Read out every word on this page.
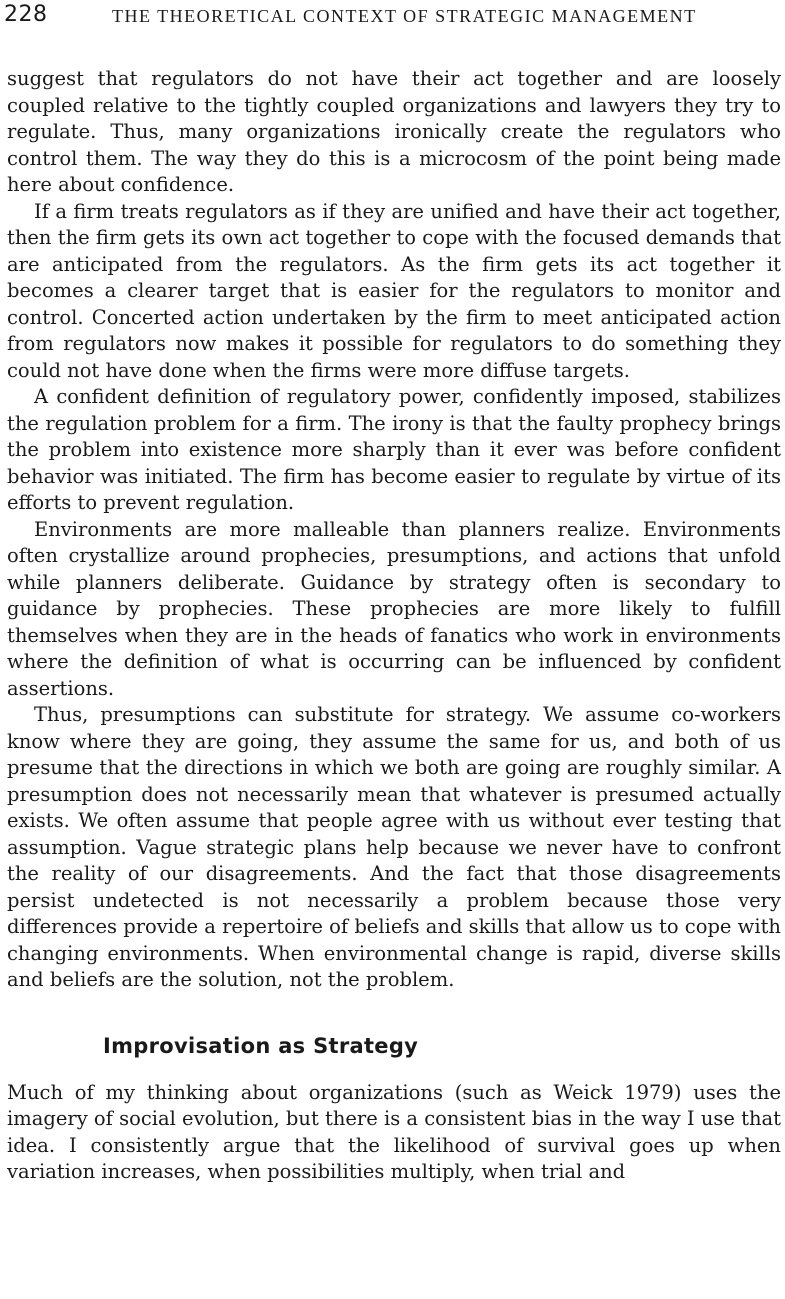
228	THE THEORETICAL CONTEXT OF STRATEGIC MANAGEMENT

suggest that regulators do not have their act together and are loosely coupled relative to the tightly coupled organizations and lawyers they try to regulate. Thus, many organizations ironically create the regulators who control them. The way they do this is a microcosm of the point being made here about confidence.

If a firm treats regulators as if they are unified and have their act together, then the firm gets its own act together to cope with the focused demands that are anticipated from the regulators. As the firm gets its act together it becomes a clearer target that is easier for the regulators to monitor and control. Concerted action undertaken by the firm to meet anticipated action from regulators now makes it possible for regulators to do something they could not have done when the firms were more diffuse targets.

A confident definition of regulatory power, confidently imposed, stabilizes the regulation problem for a firm. The irony is that the faulty prophecy brings the problem into existence more sharply than it ever was before confident behavior was initiated. The firm has become easier to regulate by virtue of its efforts to prevent regulation.

Environments are more malleable than planners realize. Environments often crystallize around prophecies, presumptions, and actions that unfold while planners deliberate. Guidance by strategy often is secondary to guidance by prophecies. These prophecies are more likely to fulfill themselves when they are in the heads of fanatics who work in environments where the definition of what is occurring can be influenced by confident assertions.

Thus, presumptions can substitute for strategy. We assume co-workers know where they are going, they assume the same for us, and both of us presume that the directions in which we both are going are roughly similar. A presumption does not necessarily mean that whatever is presumed actually exists. We often assume that people agree with us without ever testing that assumption. Vague strategic plans help because we never have to confront the reality of our disagreements. And the fact that those disagreements persist undetected is not necessarily a problem because those very differences provide a repertoire of beliefs and skills that allow us to cope with changing environments. When environmental change is rapid, diverse skills and beliefs are the solution, not the problem.

Improvisation as Strategy

Much of my thinking about organizations (such as Weick 1979) uses the imagery of social evolution, but there is a consistent bias in the way I use that idea. I consistently argue that the likelihood of survival goes up when variation increases, when possibilities multiply, when trial and
